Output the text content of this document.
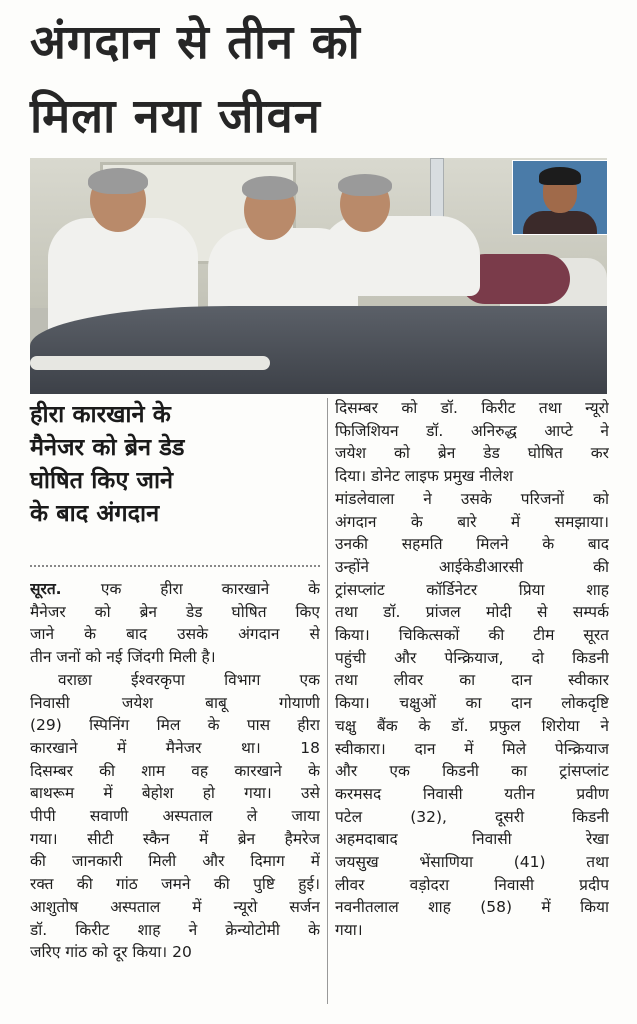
अंगदान से तीन को
मिला नया जीवन
हीरा कारखाने के
मैनेजर को ब्रेन डेड
घोषित किए जाने
के बाद अंगदान
सूरत. एक हीरा कारखाने के
मैनेजर को ब्रेन डेड घोषित किए
जाने के बाद उसके अंगदान से
तीन जनों को नई जिंदगी मिली है।
वराछा ईश्वरकृपा विभाग एक
निवासी जयेश बाबू गोयाणी
(29) स्पिनिंग मिल के पास हीरा
कारखाने में मैनेजर था। 18
दिसम्बर की शाम वह कारखाने के
बाथरूम में बेहोश हो गया। उसे
पीपी सवाणी अस्पताल ले जाया
गया। सीटी स्कैन में ब्रेन हैमरेज
की जानकारी मिली और दिमाग में
रक्त की गांठ जमने की पुष्टि हुई।
आशुतोष अस्पताल में न्यूरो सर्जन
डॉ. किरीट शाह ने क्रेन्योटोमी के
जरिए गांठ को दूर किया। 20
दिसम्बर को डॉ. किरीट तथा न्यूरो
फिजिशियन डॉ. अनिरुद्ध आप्टे ने
जयेश को ब्रेन डेड घोषित कर
दिया। डोनेट लाइफ प्रमुख नीलेश
मांडलेवाला ने उसके परिजनों को
अंगदान के बारे में समझाया।
उनकी सहमति मिलने के बाद
उन्होंने आईकेडीआरसी की
ट्रांसप्लांट कॉर्डिनेटर प्रिया शाह
तथा डॉ. प्रांजल मोदी से सम्पर्क
किया। चिकित्सकों की टीम सूरत
पहुंची और पेन्क्रियाज, दो किडनी
तथा लीवर का दान स्वीकार
किया। चक्षुओं का दान लोकदृष्टि
चक्षु बैंक के डॉ. प्रफुल शिरोया ने
स्वीकारा। दान में मिले पेन्क्रियाज
और एक किडनी का ट्रांसप्लांट
करमसद निवासी यतीन प्रवीण
पटेल (32), दूसरी किडनी
अहमदाबाद निवासी रेखा
जयसुख भेंसाणिया (41) तथा
लीवर वड़ोदरा निवासी प्रदीप
नवनीतलाल शाह (58) में किया
गया।
